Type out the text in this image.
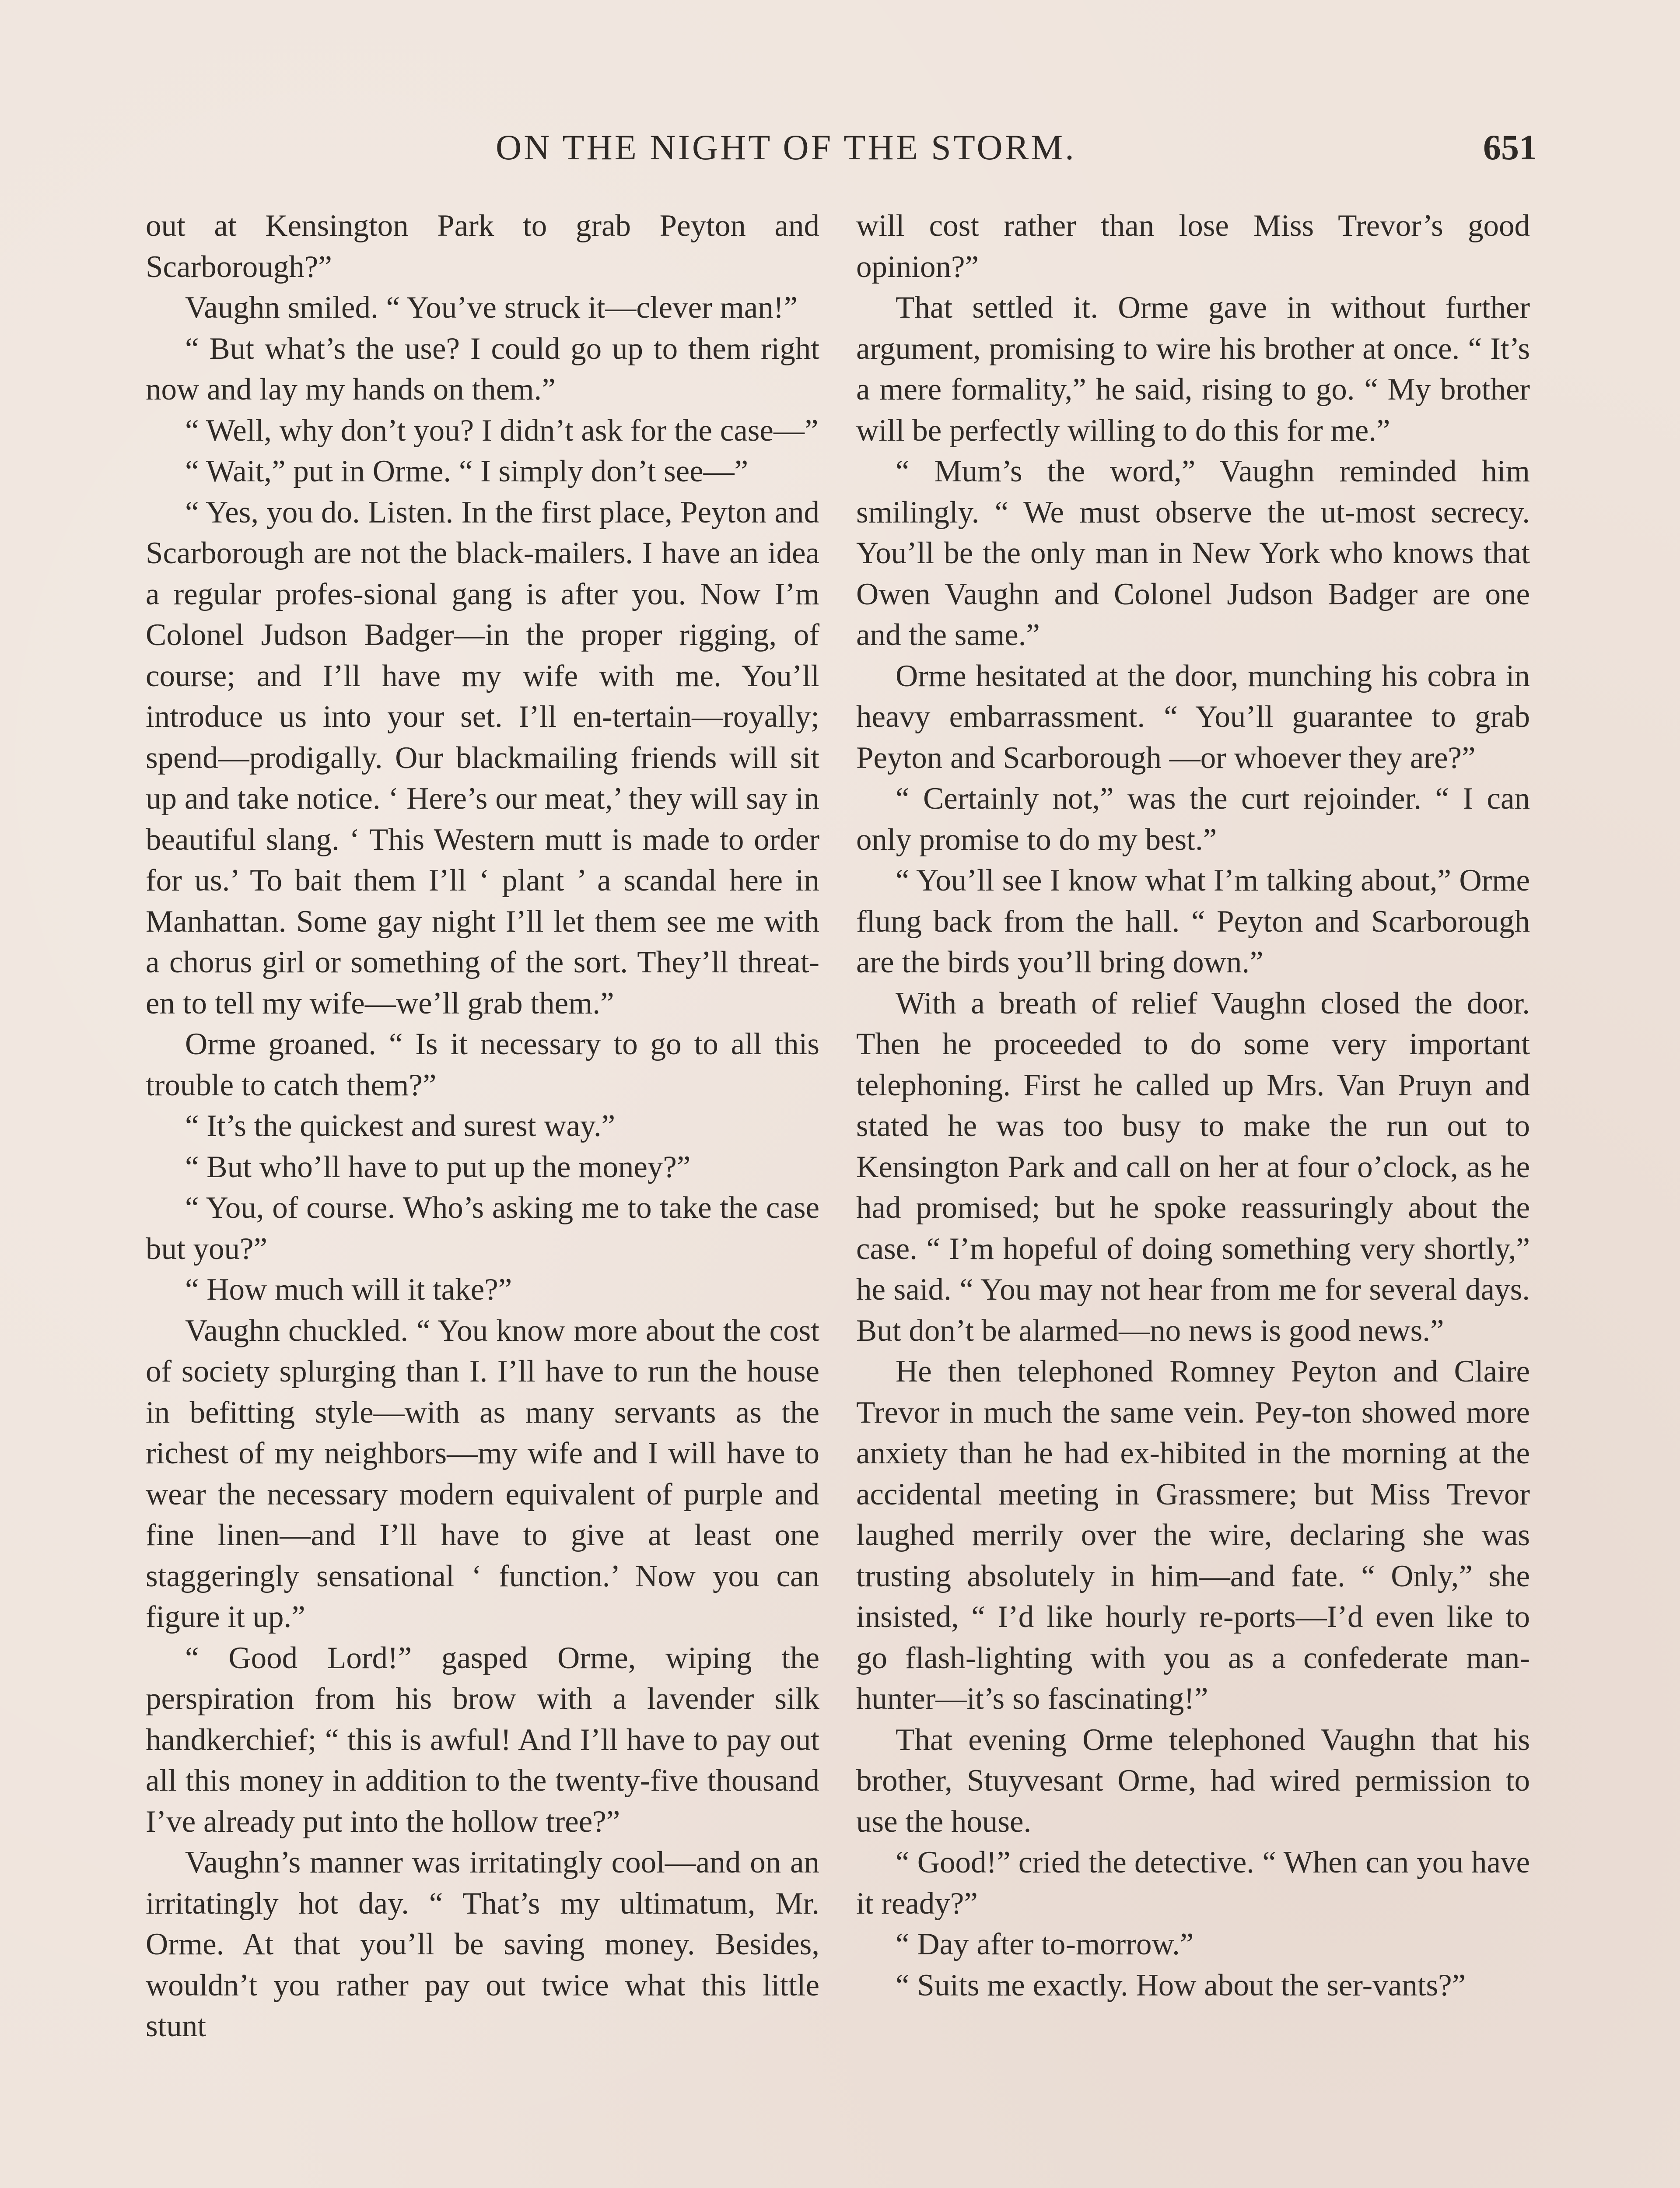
ON THE NIGHT OF THE STORM.	651

out at Kensington Park to grab Peyton and Scarborough?”

Vaughn smiled. “ You’ve struck it—clever man!”

“ But what’s the use? I could go up to them right now and lay my hands on them.”

“ Well, why don’t you? I didn’t ask for the case—”

“ Wait,” put in Orme. “ I simply don’t see—”

“ Yes, you do. Listen. In the first place, Peyton and Scarborough are not the black-mailers. I have an idea a regular profes-sional gang is after you. Now I’m Colonel Judson Badger—in the proper rigging, of course; and I’ll have my wife with me. You’ll introduce us into your set. I’ll en-tertain—royally; spend—prodigally. Our blackmailing friends will sit up and take notice. ‘ Here’s our meat,’ they will say in beautiful slang. ‘ This Western mutt is made to order for us.’ To bait them I’ll ‘ plant ’ a scandal here in Manhattan. Some gay night I’ll let them see me with a chorus girl or something of the sort. They’ll threat-en to tell my wife—we’ll grab them.”

Orme groaned. “ Is it necessary to go to all this trouble to catch them?”

“ It’s the quickest and surest way.”

“ But who’ll have to put up the money?”

“ You, of course. Who’s asking me to take the case but you?”

“ How much will it take?”

Vaughn chuckled. “ You know more about the cost of society splurging than I. I’ll have to run the house in befitting style—with as many servants as the richest of my neighbors—my wife and I will have to wear the necessary modern equivalent of purple and fine linen—and I’ll have to give at least one staggeringly sensational ‘ function.’ Now you can figure it up.”

“ Good Lord!” gasped Orme, wiping the perspiration from his brow with a lavender silk handkerchief; “ this is awful! And I’ll have to pay out all this money in addition to the twenty-five thousand I’ve already put into the hollow tree?”

Vaughn’s manner was irritatingly cool—and on an irritatingly hot day. “ That’s my ultimatum, Mr. Orme. At that you’ll be saving money. Besides, wouldn’t you rather pay out twice what this little stunt

will cost rather than lose Miss Trevor’s good opinion?”

That settled it. Orme gave in without further argument, promising to wire his brother at once. “ It’s a mere formality,” he said, rising to go. “ My brother will be perfectly willing to do this for me.”

“ Mum’s the word,” Vaughn reminded him smilingly. “ We must observe the ut-most secrecy. You’ll be the only man in New York who knows that Owen Vaughn and Colonel Judson Badger are one and the same.”

Orme hesitated at the door, munching his cobra in heavy embarrassment. “ You’ll guarantee to grab Peyton and Scarborough —or whoever they are?”

“ Certainly not,” was the curt rejoinder. “ I can only promise to do my best.”

“ You’ll see I know what I’m talking about,” Orme flung back from the hall. “ Peyton and Scarborough are the birds you’ll bring down.”

With a breath of relief Vaughn closed the door. Then he proceeded to do some very important telephoning. First he called up Mrs. Van Pruyn and stated he was too busy to make the run out to Kensington Park and call on her at four o’clock, as he had promised; but he spoke reassuringly about the case. “ I’m hopeful of doing something very shortly,” he said. “ You may not hear from me for several days. But don’t be alarmed—no news is good news.”

He then telephoned Romney Peyton and Claire Trevor in much the same vein. Pey-ton showed more anxiety than he had ex-hibited in the morning at the accidental meeting in Grassmere; but Miss Trevor laughed merrily over the wire, declaring she was trusting absolutely in him—and fate. “ Only,” she insisted, “ I’d like hourly re-ports—I’d even like to go flash-lighting with you as a confederate man-hunter—it’s so fascinating!”

That evening Orme telephoned Vaughn that his brother, Stuyvesant Orme, had wired permission to use the house.

“ Good!” cried the detective. “ When can you have it ready?”

“ Day after to-morrow.”

“ Suits me exactly. How about the ser-vants?”
